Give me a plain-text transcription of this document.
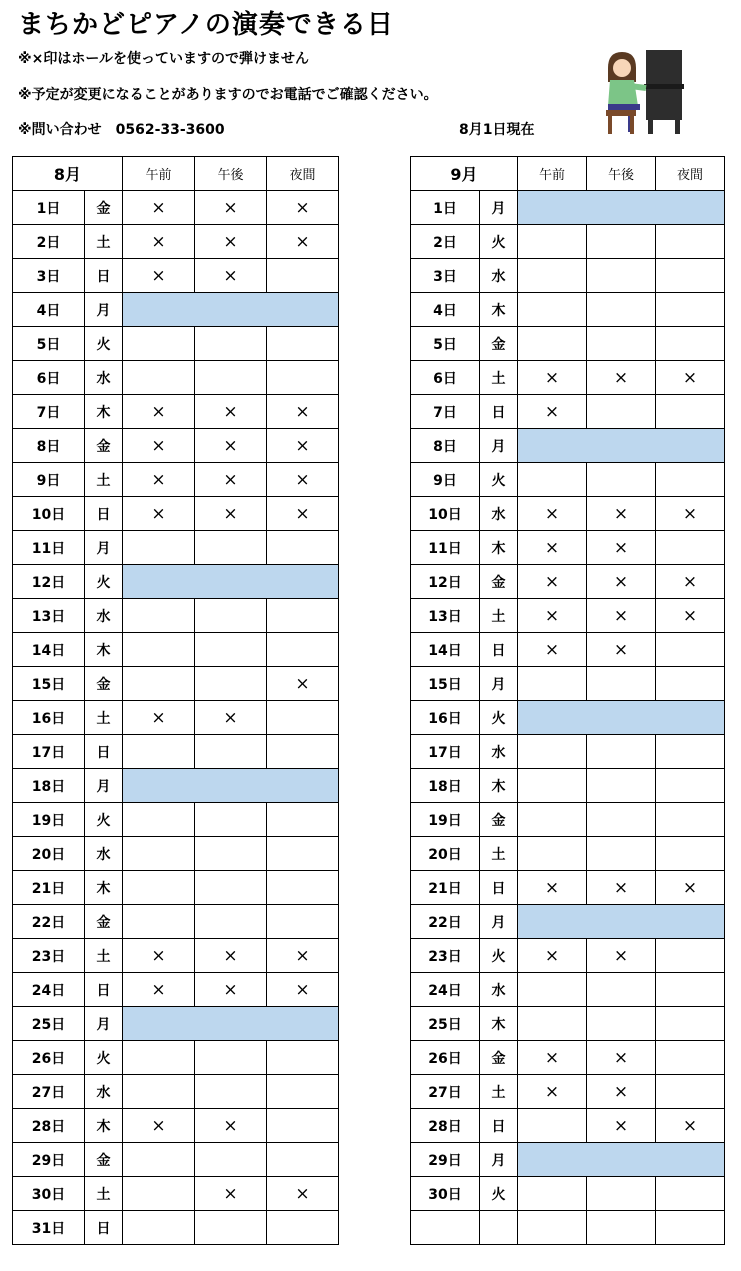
まちかどピアノの演奏できる日
※×印はホールを使っていますので弾けません
※予定が変更になることがありますのでお電話でご確認ください。
※問い合わせ　0562-33-3600	8月1日現在
8月		午前	午後	夜間
1日	金	×	×	×
2日	土	×	×	×
3日	日	×	×	
4日	月			
5日	火			
6日	水			
7日	木	×	×	×
8日	金	×	×	×
9日	土	×	×	×
10日	日	×	×	×
11日	月			
12日	火			
13日	水			
14日	木			
15日	金			×
16日	土	×	×	
17日	日			
18日	月			
19日	火			
20日	水			
21日	木			
22日	金			
23日	土	×	×	×
24日	日	×	×	×
25日	月			
26日	火			
27日	水			
28日	木	×	×	
29日	金			
30日	土		×	×
31日	日			
9月		午前	午後	夜間
1日	月			
2日	火			
3日	水			
4日	木			
5日	金			
6日	土	×	×	×
7日	日	×		
8日	月			
9日	火			
10日	水	×	×	×
11日	木	×	×	
12日	金	×	×	×
13日	土	×	×	×
14日	日	×	×	
15日	月			
16日	火			
17日	水			
18日	木			
19日	金			
20日	土			
21日	日	×	×	×
22日	月			
23日	火	×	×	
24日	水			
25日	木			
26日	金	×	×	
27日	土	×	×	
28日	日		×	×
29日	月			
30日	火			
